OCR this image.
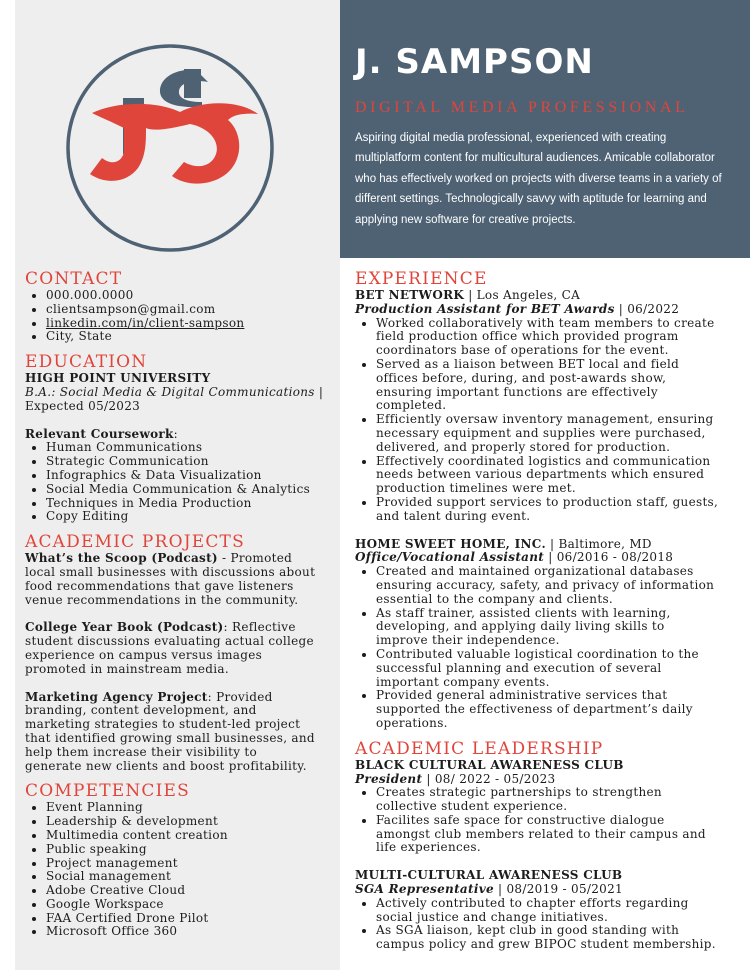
J. SAMPSON
DIGITAL MEDIA PROFESSIONAL
Aspiring digital media professional, experienced with creating multiplatform content for multicultural audiences. Amicable collaborator who has effectively worked on projects with diverse teams in a variety of different settings. Technologically savvy with aptitude for learning and applying new software for creative projects.
CONTACT
000.000.0000
clientsampson@gmail.com
linkedin.com/in/client-sampson
City, State
EDUCATION
HIGH POINT UNIVERSITY
B.A.: Social Media & Digital Communications |
Expected 05/2023
Relevant Coursework:
Human Communications
Strategic Communication
Infographics & Data Visualization
Social Media Communication & Analytics
Techniques in Media Production
Copy Editing
ACADEMIC PROJECTS
What’s the Scoop (Podcast) - Promoted
local small businesses with discussions about
food recommendations that gave listeners
venue recommendations in the community.
College Year Book (Podcast): Reflective
student discussions evaluating actual college
experience on campus versus images
promoted in mainstream media.
Marketing Agency Project: Provided
branding, content development, and
marketing strategies to student-led project
that identified growing small businesses, and
help them increase their visibility to
generate new clients and boost profitability.
COMPETENCIES
Event Planning
Leadership & development
Multimedia content creation
Public speaking
Project management
Social management
Adobe Creative Cloud
Google Workspace
FAA Certified Drone Pilot
Microsoft Office 360
EXPERIENCE
BET NETWORK | Los Angeles, CA
Production Assistant for BET Awards | 06/2022
Worked collaboratively with team members to create
field production office which provided program
coordinators base of operations for the event.
Served as a liaison between BET local and field
offices before, during, and post-awards show,
ensuring important functions are effectively
completed.
Efficiently oversaw inventory management, ensuring
necessary equipment and supplies were purchased,
delivered, and properly stored for production.
Effectively coordinated logistics and communication
needs between various departments which ensured
production timelines were met.
Provided support services to production staff, guests,
and talent during event.
HOME SWEET HOME, INC. | Baltimore, MD
Office/Vocational Assistant | 06/2016 - 08/2018
Created and maintained organizational databases
ensuring accuracy, safety, and privacy of information
essential to the company and clients.
As staff trainer, assisted clients with learning,
developing, and applying daily living skills to
improve their independence.
Contributed valuable logistical coordination to the
successful planning and execution of several
important company events.
Provided general administrative services that
supported the effectiveness of department’s daily
operations.
ACADEMIC LEADERSHIP
BLACK CULTURAL AWARENESS CLUB
President | 08/ 2022 - 05/2023
Creates strategic partnerships to strengthen
collective student experience.
Facilites safe space for constructive dialogue
amongst club members related to their campus and
life experiences.
MULTI-CULTURAL AWARENESS CLUB
SGA Representative | 08/2019 - 05/2021
Actively contributed to chapter efforts regarding
social justice and change initiatives.
As SGA liaison, kept club in good standing with
campus policy and grew BIPOC student membership.
